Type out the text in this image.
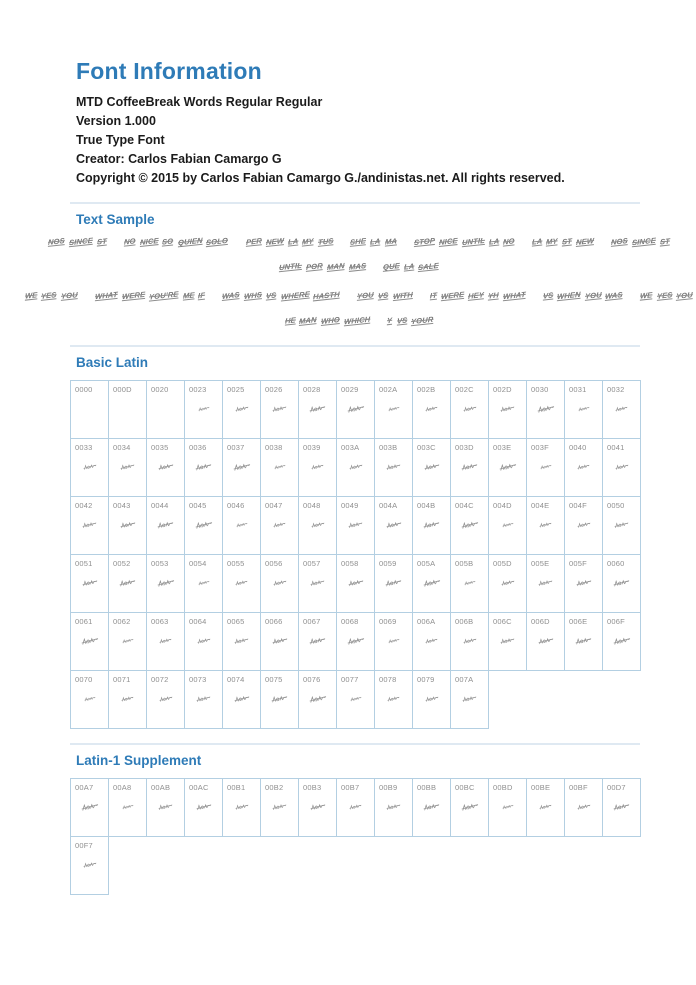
Font Information

MTD CoffeeBreak Words Regular Regular

Version 1.000

True Type Font

Creator: Carlos Fabian Camargo G

Copyright © 2015 by Carlos Fabian Camargo G./andinistas.net. All rights reserved.

Text Sample
NOS SINCE ST NO NICE SO QUIEN SOLO PER NEW LA MY TUS SHE LA MA STOP NICE UNTIL LA NO LA MY ST NEW NOS SINCE ST
UNTIL POR MAN MAS QUE LA SALE
WE YES YOU WHAT WERE YOU'RE ME IF WAS WHS VS WHERE HASTH YOU VS WITH IT WERE HEY YH WHAT VS WHEN YOU WAS WE YES YOU
HE MAN WHO WHICH Y VS YOUR
Basic Latin
0000	000D	0020	0023	0025	0026	0028	0029	002A	002B	002C	002D	0030	0031	0032

0033	0034	0035	0036	0037	0038	0039	003A	003B	003C	003D	003E	003F	0040	0041

0042	0043	0044	0045	0046	0047	0048	0049	004A	004B	004C	004D	004E	004F	0050

0051	0052	0053	0054	0055	0056	0057	0058	0059	005A	005B	005D	005E	005F	0060

0061	0062	0063	0064	0065	0066	0067	0068	0069	006A	006B	006C	006D	006E	006F

0070	0071	0072	0073	0074	0075	0076	0077	0078	0079	007A				
Latin-1 Supplement
00A7	00A8	00AB	00AC	00B1	00B2	00B3	00B7	00B9	00BB	00BC	00BD	00BE	00BF	00D7

00F7
